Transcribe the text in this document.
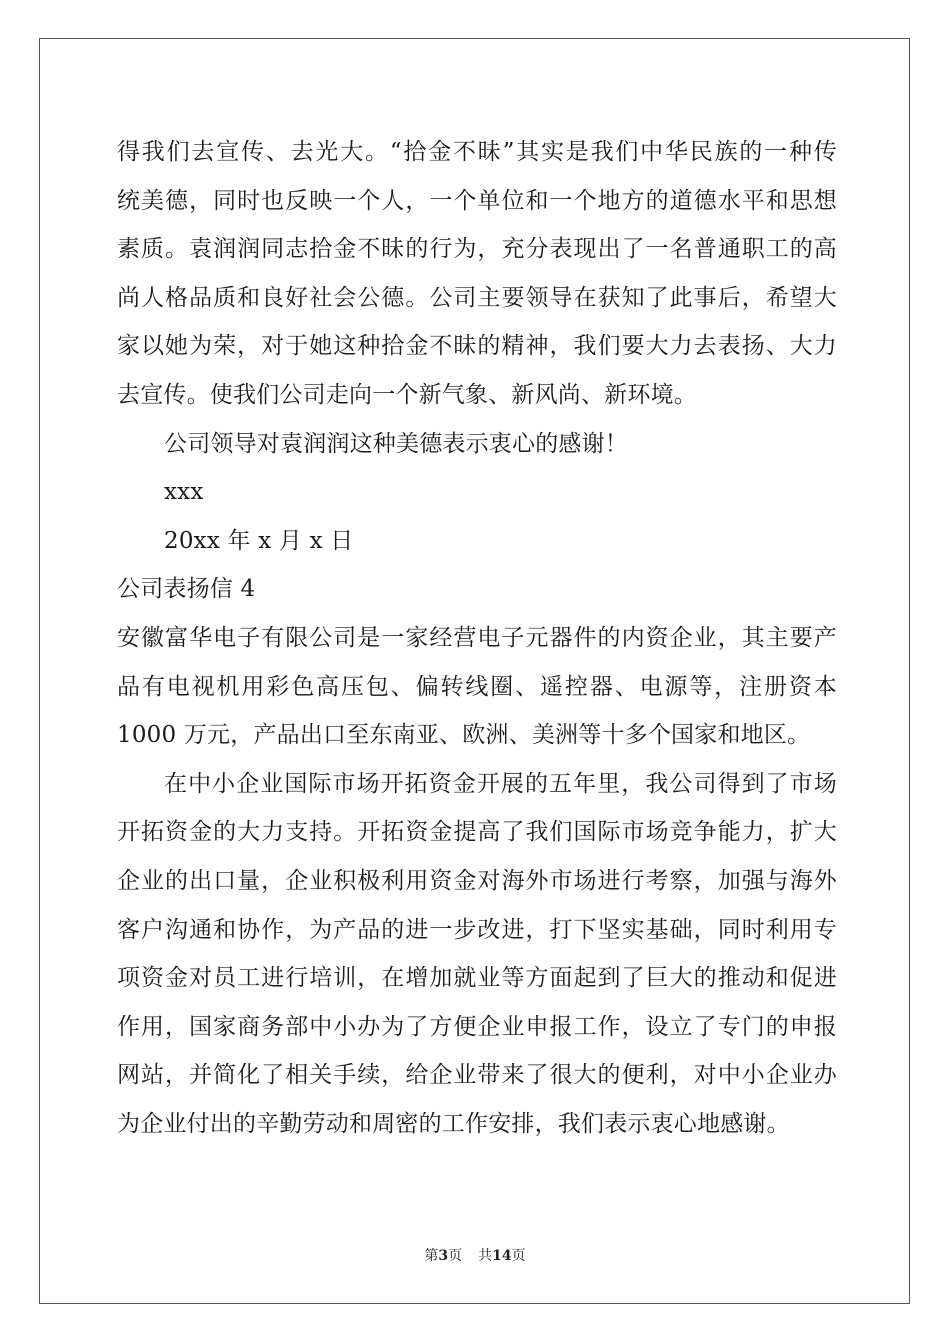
得我们去宣传、去光大。“拾金不昧”其实是我们中华民族的一种传
统美德，同时也反映一个人，一个单位和一个地方的道德水平和思想
素质。袁润润同志拾金不昧的行为，充分表现出了一名普通职工的高
尚人格品质和良好社会公德。公司主要领导在获知了此事后，希望大
家以她为荣，对于她这种拾金不昧的精神，我们要大力去表扬、大力
去宣传。使我们公司走向一个新气象、新风尚、新环境。
公司领导对袁润润这种美德表示衷心的感谢！
xxx
20xx 年 x 月 x 日
公司表扬信 4
安徽富华电子有限公司是一家经营电子元器件的内资企业，其主要产
品有电视机用彩色高压包、偏转线圈、遥控器、电源等，注册资本
1000 万元，产品出口至东南亚、欧洲、美洲等十多个国家和地区。
在中小企业国际市场开拓资金开展的五年里，我公司得到了市场
开拓资金的大力支持。开拓资金提高了我们国际市场竞争能力，扩大
企业的出口量，企业积极利用资金对海外市场进行考察，加强与海外
客户沟通和协作，为产品的进一步改进，打下坚实基础，同时利用专
项资金对员工进行培训，在增加就业等方面起到了巨大的推动和促进
作用，国家商务部中小办为了方便企业申报工作，设立了专门的申报
网站，并简化了相关手续，给企业带来了很大的便利，对中小企业办
为企业付出的辛勤劳动和周密的工作安排，我们表示衷心地感谢。
第3页 共14页
